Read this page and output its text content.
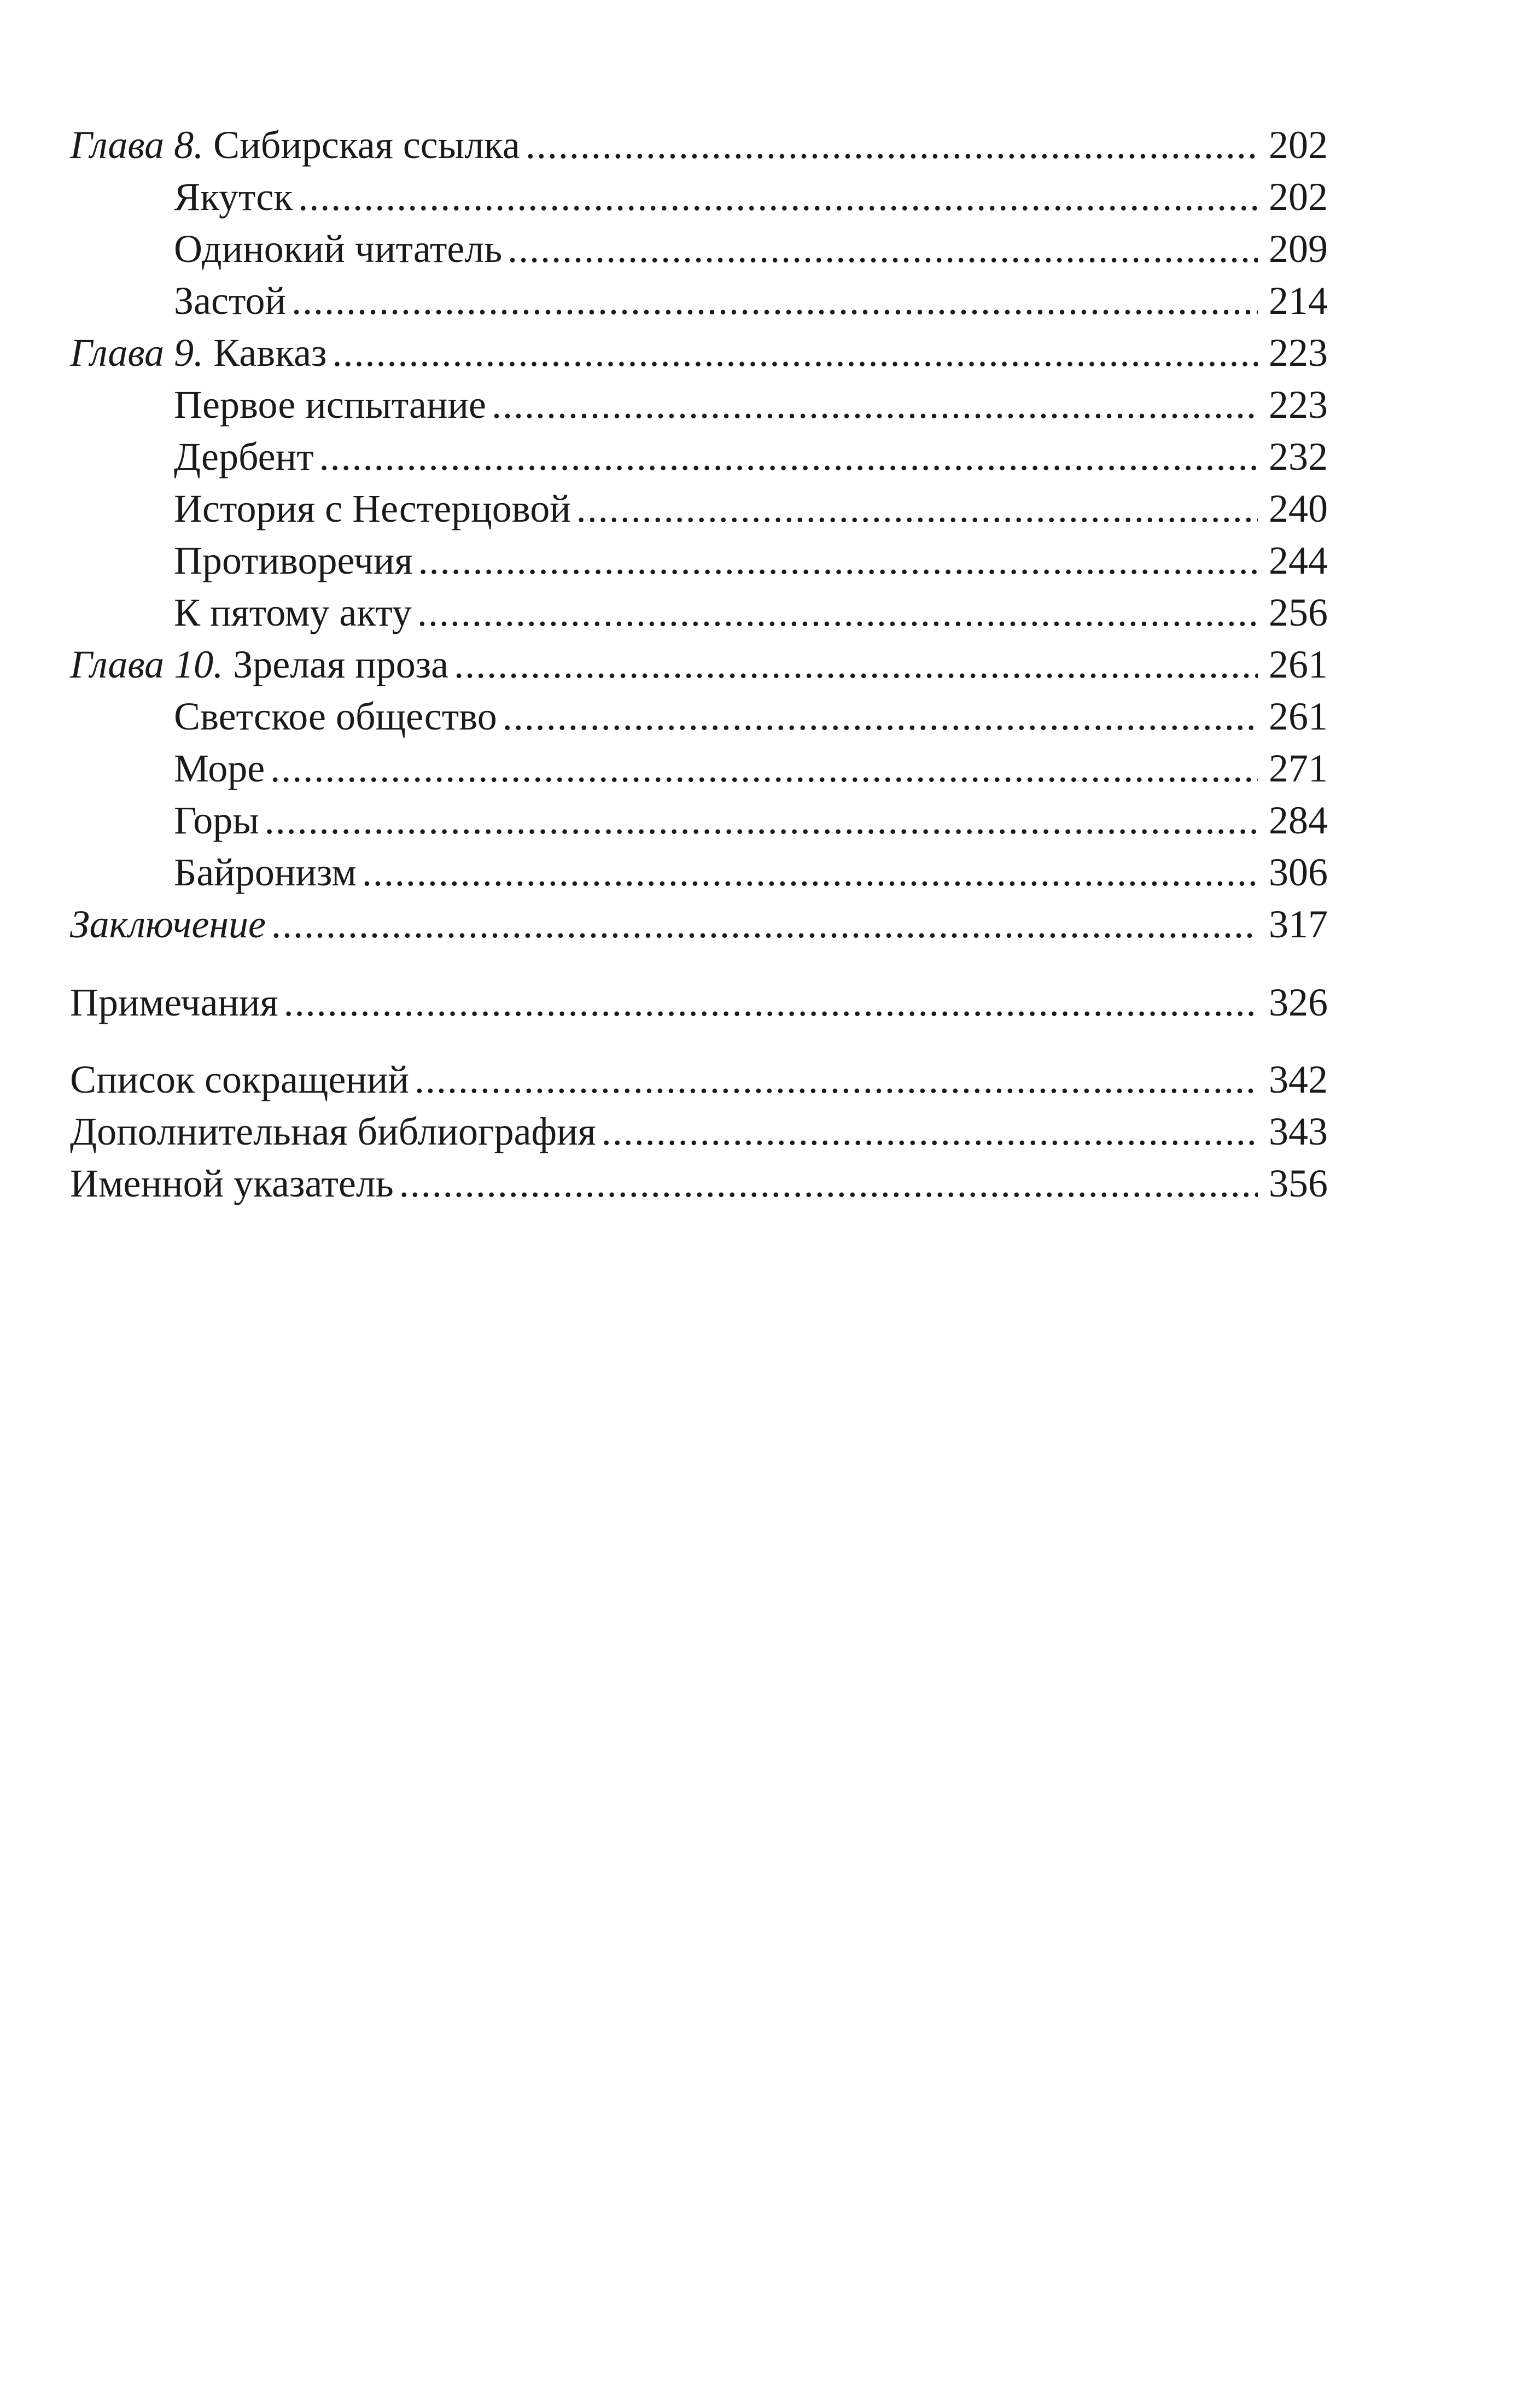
Глава 8. Сибирская ссылка .....	202
Якутск .....	202
Одинокий читатель .....	209
Застой .....	214
Глава 9. Кавказ .....	223
Первое испытание .....	223
Дербент .....	232
История с Нестерцовой .....	240
Противоречия .....	244
К пятому акту .....	256
Глава 10. Зрелая проза .....	261
Светское общество .....	261
Море .....	271
Горы .....	284
Байронизм .....	306
Заключение .....	317
Примечания .....	326
Список сокращений .....	342
Дополнительная библиография .....	343
Именной указатель .....	356
